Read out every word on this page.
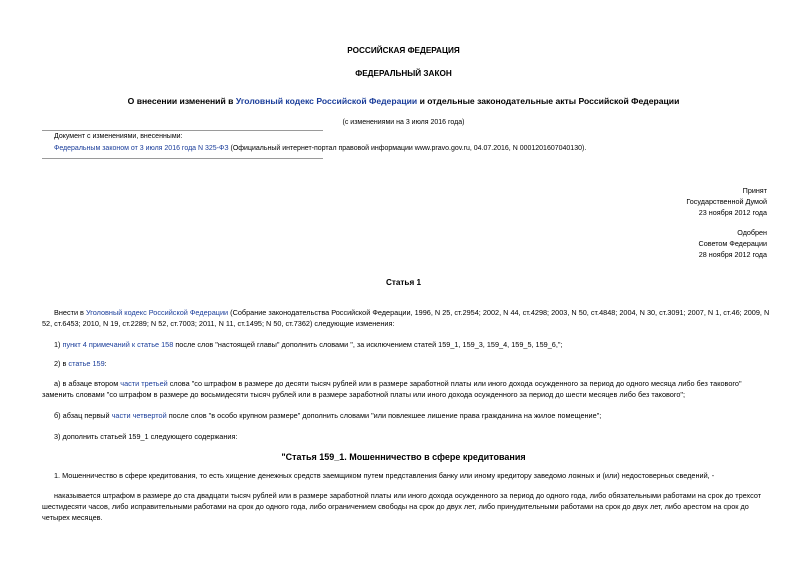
РОССИЙСКАЯ ФЕДЕРАЦИЯ
ФЕДЕРАЛЬНЫЙ ЗАКОН
О внесении изменений в Уголовный кодекс Российской Федерации и отдельные законодательные акты Российской Федерации
(с изменениями на 3 июля 2016 года)
Документ с изменениями, внесенными:
Федеральным законом от 3 июля 2016 года N 325-ФЗ (Официальный интернет-портал правовой информации www.pravo.gov.ru, 04.07.2016, N 0001201607040130).
Принят
Государственной Думой
23 ноября 2012 года
Одобрен
Советом Федерации
28 ноября 2012 года
Статья 1
Внести в Уголовный кодекс Российской Федерации (Собрание законодательства Российской Федерации, 1996, N 25, ст.2954; 2002, N 44, ст.4298; 2003, N 50, ст.4848; 2004, N 30, ст.3091; 2007, N 1, ст.46; 2009, N 52, ст.6453; 2010, N 19, ст.2289; N 52, ст.7003; 2011, N 11, ст.1495; N 50, ст.7362) следующие изменения:
1) пункт 4 примечаний к статье 158 после слов "настоящей главы" дополнить словами ", за исключением статей 159_1, 159_3, 159_4, 159_5, 159_6,";
2) в статье 159:
а) в абзаце втором части третьей слова "со штрафом в размере до десяти тысяч рублей или в размере заработной платы или иного дохода осужденного за период до одного месяца либо без такового" заменить словами "со штрафом в размере до восьмидесяти тысяч рублей или в размере заработной платы или иного дохода осужденного за период до шести месяцев либо без такового";
б) абзац первый части четвертой после слов "в особо крупном размере" дополнить словами "или повлекшее лишение права гражданина на жилое помещение";
3) дополнить статьей 159_1 следующего содержания:
"Статья 159_1. Мошенничество в сфере кредитования
1. Мошенничество в сфере кредитования, то есть хищение денежных средств заемщиком путем представления банку или иному кредитору заведомо ложных и (или) недостоверных сведений, -
наказывается штрафом в размере до ста двадцати тысяч рублей или в размере заработной платы или иного дохода осужденного за период до одного года, либо обязательными работами на срок до трехсот шестидесяти часов, либо исправительными работами на срок до одного года, либо ограничением свободы на срок до двух лет, либо принудительными работами на срок до двух лет, либо арестом на срок до четырех месяцев.
